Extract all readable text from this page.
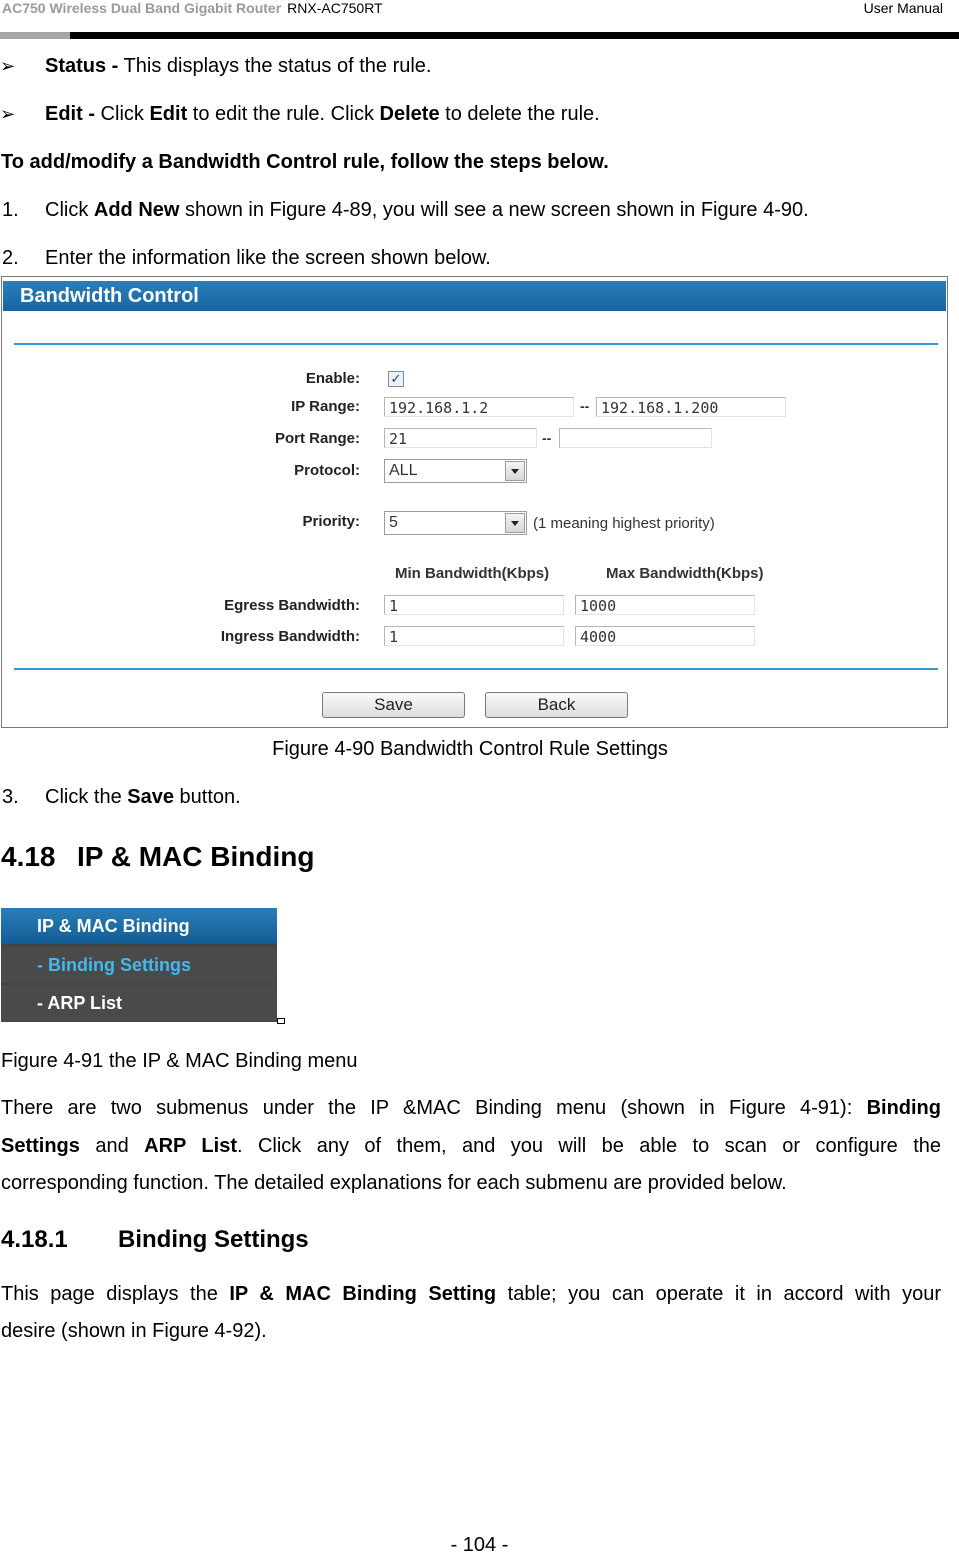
AC750 Wireless Dual Band Gigabit Router RNX-AC750RT	User Manual
➢ Status - This displays the status of the rule.
➢ Edit - Click Edit to edit the rule. Click Delete to delete the rule.
To add/modify a Bandwidth Control rule, follow the steps below.
1. Click Add New shown in Figure 4-89, you will see a new screen shown in Figure 4-90.
2. Enter the information like the screen shown below.
Bandwidth Control
Enable: ✓
IP Range:	192.168.1.2	-- 192.168.1.200
Port Range:	21	--
Protocol:	ALL
Priority:	5	(1 meaning highest priority)
Min Bandwidth(Kbps)	Max Bandwidth(Kbps)
Egress Bandwidth:	1	1000
Ingress Bandwidth:	1	4000
Save	Back
Figure 4-90 Bandwidth Control Rule Settings
3. Click the Save button.
4.18 IP & MAC Binding
IP & MAC Binding
- Binding Settings
- ARP List
Figure 4-91 the IP & MAC Binding menu
There are two submenus under the IP &MAC Binding menu (shown in Figure 4-91): Binding
Settings and ARP List. Click any of them, and you will be able to scan or configure the
corresponding function. The detailed explanations for each submenu are provided below.
4.18.1 Binding Settings
This page displays the IP & MAC Binding Setting table; you can operate it in accord with your
desire (shown in Figure 4-92).
- 104 -
